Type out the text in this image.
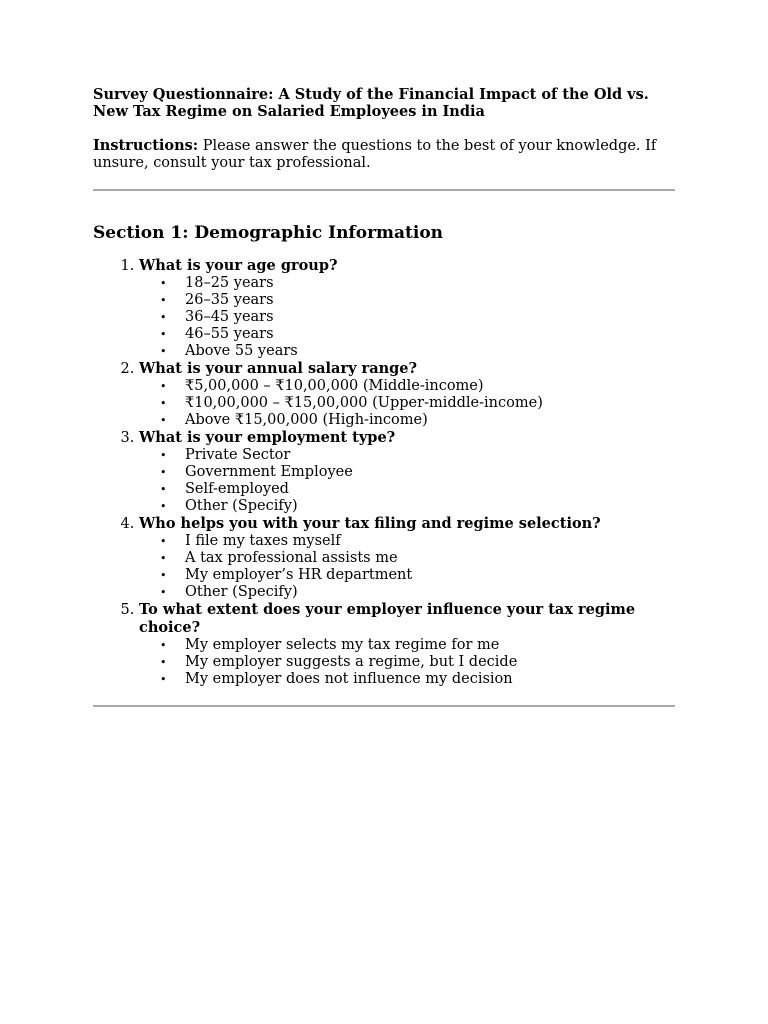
Survey Questionnaire: A Study of the Financial Impact of the Old vs. New Tax Regime on Salaried Employees in India

Instructions: Please answer the questions to the best of your knowledge. If unsure, consult your tax professional.

Section 1: Demographic Information
1. What is your age group?
• 18–25 years
• 26–35 years
• 36–45 years
• 46–55 years
• Above 55 years
2. What is your annual salary range?
• ₹5,00,000 – ₹10,00,000 (Middle-income)
• ₹10,00,000 – ₹15,00,000 (Upper-middle-income)
• Above ₹15,00,000 (High-income)
3. What is your employment type?
• Private Sector
• Government Employee
• Self-employed
• Other (Specify)
4. Who helps you with your tax filing and regime selection?
• I file my taxes myself
• A tax professional assists me
• My employer’s HR department
• Other (Specify)
5. To what extent does your employer influence your tax regime choice?
• My employer selects my tax regime for me
• My employer suggests a regime, but I decide
• My employer does not influence my decision
